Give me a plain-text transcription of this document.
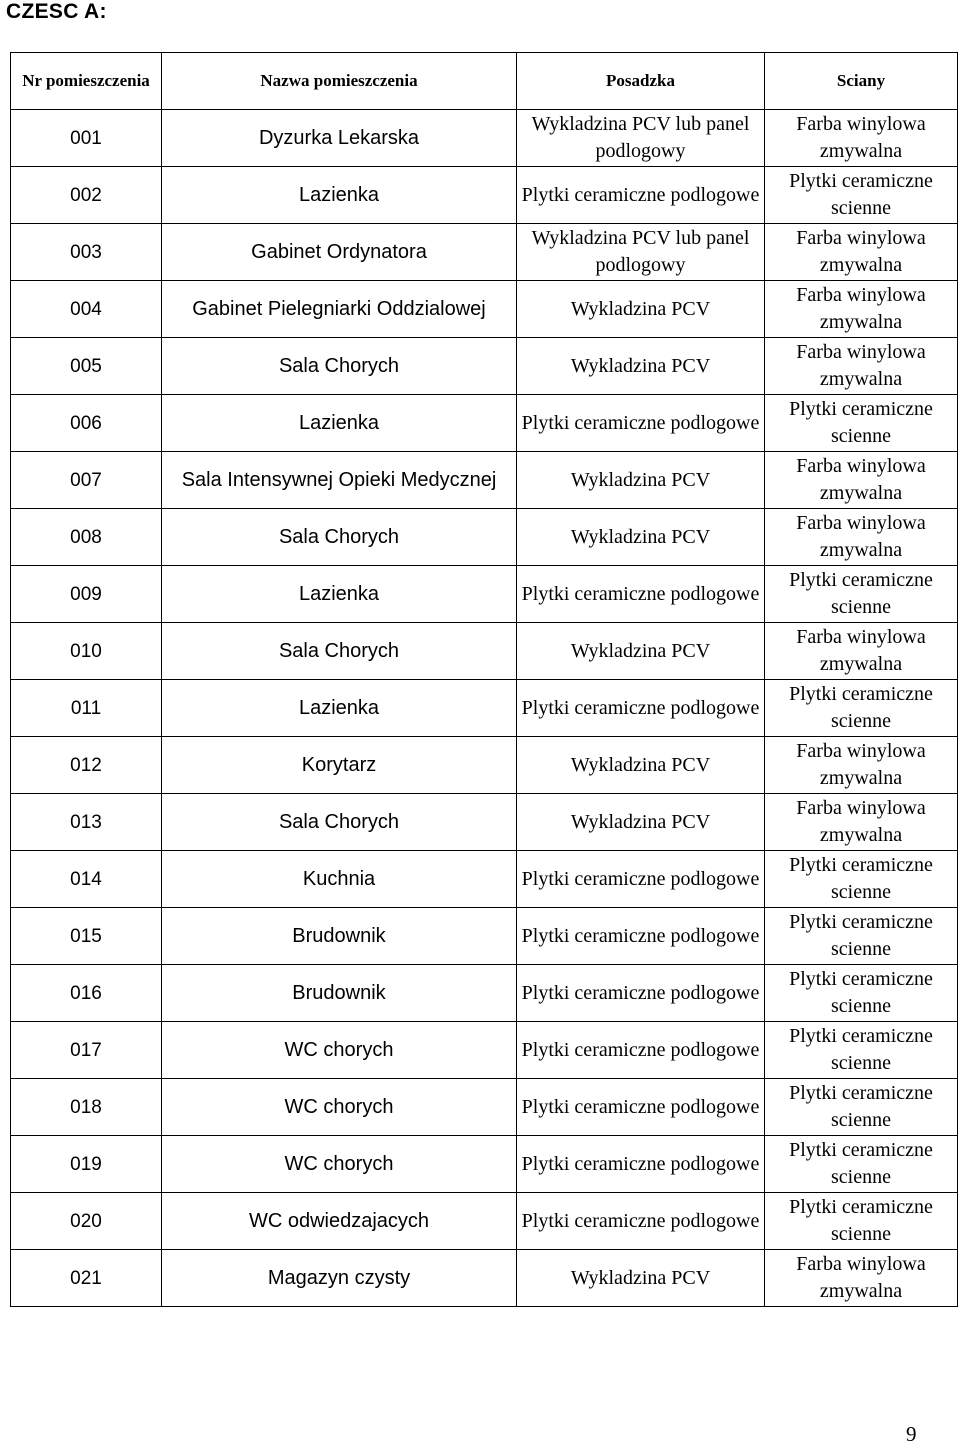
CZESC A:
Nr pomieszczenia	Nazwa pomieszczenia	Posadzka	Sciany
001	Dyzurka Lekarska	Wykladzina PCV lub panel podlogowy	Farba winylowa zmywalna
002	Lazienka	Plytki ceramiczne podlogowe	Plytki ceramiczne scienne
003	Gabinet Ordynatora	Wykladzina PCV lub panel podlogowy	Farba winylowa zmywalna
004	Gabinet Pielegniarki Oddzialowej	Wykladzina PCV	Farba winylowa zmywalna
005	Sala Chorych	Wykladzina PCV	Farba winylowa zmywalna
006	Lazienka	Plytki ceramiczne podlogowe	Plytki ceramiczne scienne
007	Sala Intensywnej Opieki Medycznej	Wykladzina PCV	Farba winylowa zmywalna
008	Sala Chorych	Wykladzina PCV	Farba winylowa zmywalna
009	Lazienka	Plytki ceramiczne podlogowe	Plytki ceramiczne scienne
010	Sala Chorych	Wykladzina PCV	Farba winylowa zmywalna
011	Lazienka	Plytki ceramiczne podlogowe	Plytki ceramiczne scienne
012	Korytarz	Wykladzina PCV	Farba winylowa zmywalna
013	Sala Chorych	Wykladzina PCV	Farba winylowa zmywalna
014	Kuchnia	Plytki ceramiczne podlogowe	Plytki ceramiczne scienne
015	Brudownik	Plytki ceramiczne podlogowe	Plytki ceramiczne scienne
016	Brudownik	Plytki ceramiczne podlogowe	Plytki ceramiczne scienne
017	WC chorych	Plytki ceramiczne podlogowe	Plytki ceramiczne scienne
018	WC chorych	Plytki ceramiczne podlogowe	Plytki ceramiczne scienne
019	WC chorych	Plytki ceramiczne podlogowe	Plytki ceramiczne scienne
020	WC odwiedzajacych	Plytki ceramiczne podlogowe	Plytki ceramiczne scienne
021	Magazyn czysty	Wykladzina PCV	Farba winylowa zmywalna
9
